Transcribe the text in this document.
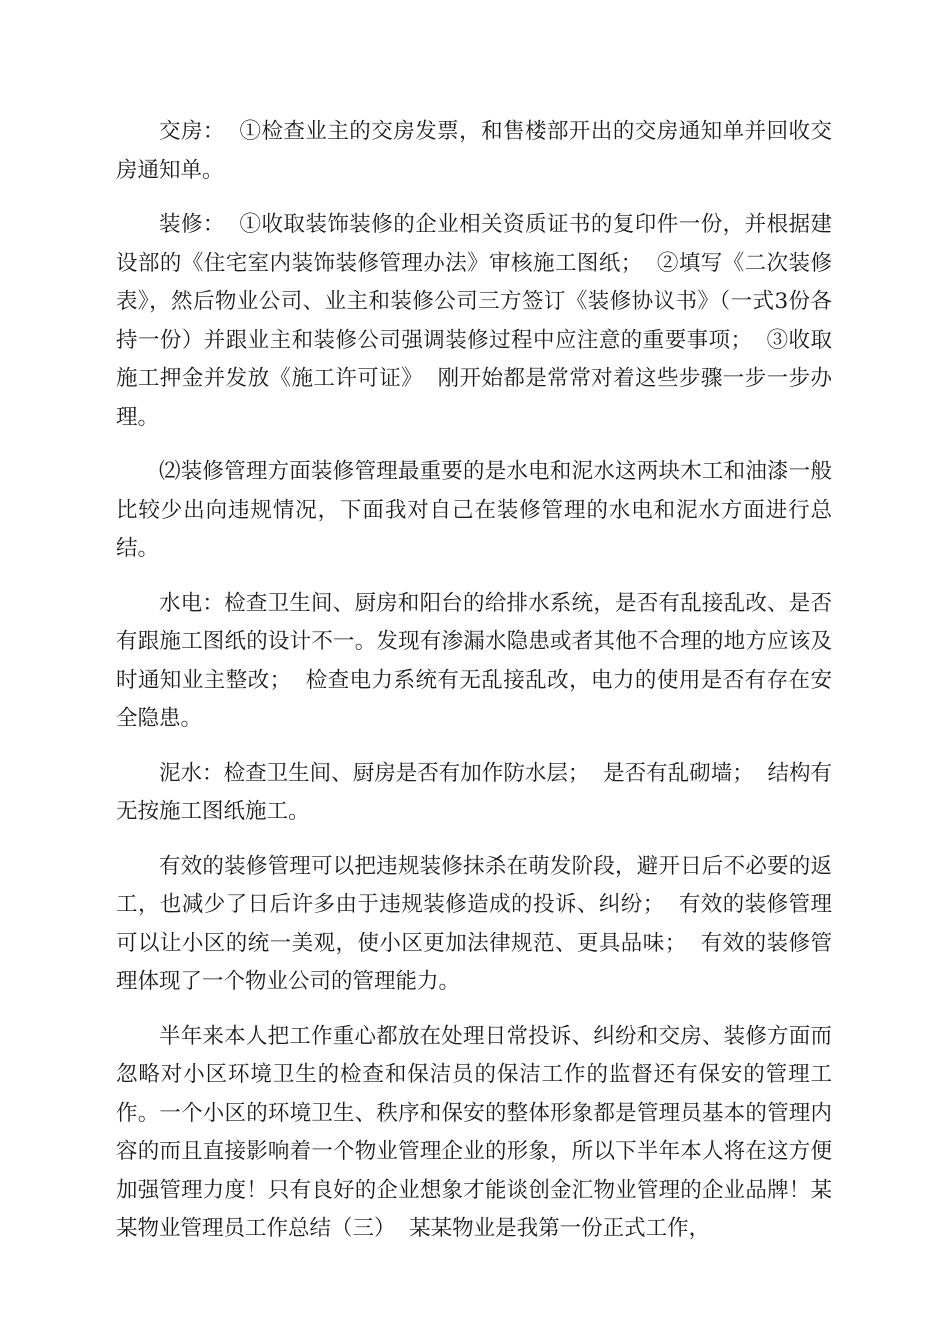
交房：  ①检查业主的交房发票，和售楼部开出的交房通知单并回收交房通知单。

装修：  ①收取装饰装修的企业相关资质证书的复印件一份，并根据建设部的《住宅室内装饰装修管理办法》审核施工图纸；  ②填写《二次装修表》，然后物业公司、业主和装修公司三方签订《装修协议书》（一式3份各持一份）并跟业主和装修公司强调装修过程中应注意的重要事项；  ③收取施工押金并发放《施工许可证》  刚开始都是常常对着这些步骤一步一步办理。

⑵装修管理方面装修管理最重要的是水电和泥水这两块木工和油漆一般比较少出向违规情况，下面我对自己在装修管理的水电和泥水方面进行总结。

水电：检查卫生间、厨房和阳台的给排水系统，是否有乱接乱改、是否有跟施工图纸的设计不一。发现有渗漏水隐患或者其他不合理的地方应该及时通知业主整改；  检查电力系统有无乱接乱改，电力的使用是否有存在安全隐患。

泥水：检查卫生间、厨房是否有加作防水层；  是否有乱砌墙；  结构有无按施工图纸施工。

有效的装修管理可以把违规装修抹杀在萌发阶段，避开日后不必要的返工，也减少了日后许多由于违规装修造成的投诉、纠纷；  有效的装修管理可以让小区的统一美观，使小区更加法律规范、更具品味；  有效的装修管理体现了一个物业公司的管理能力。

半年来本人把工作重心都放在处理日常投诉、纠纷和交房、装修方面而忽略对小区环境卫生的检查和保洁员的保洁工作的监督还有保安的管理工作。一个小区的环境卫生、秩序和保安的整体形象都是管理员基本的管理内容的而且直接影响着一个物业管理企业的形象，所以下半年本人将在这方便加强管理力度！只有良好的企业想象才能谈创金汇物业管理的企业品牌！某某物业管理员工作总结（三）  某某物业是我第一份正式工作，
